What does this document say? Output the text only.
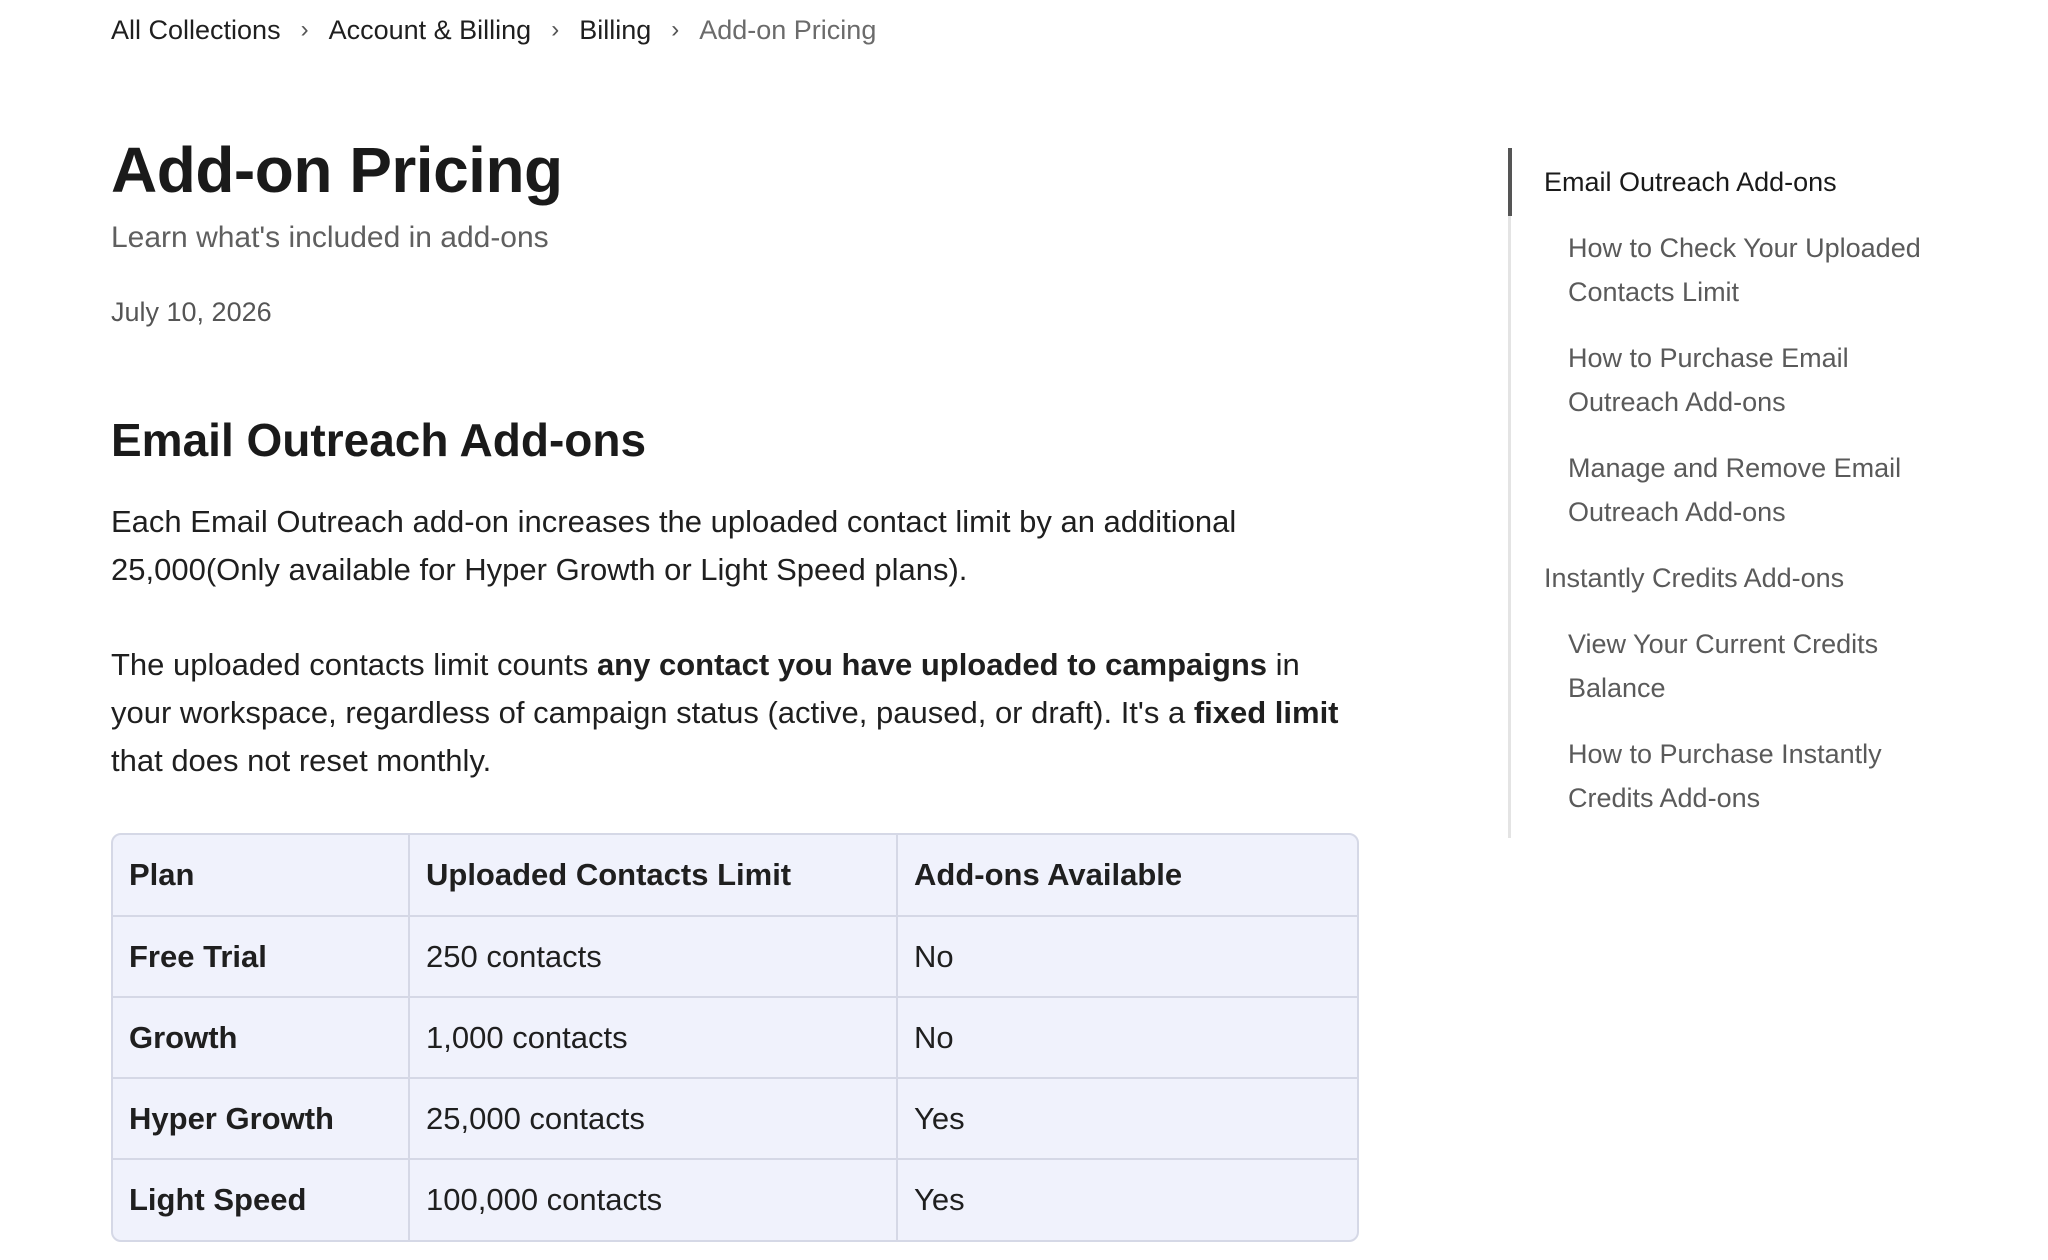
All Collections › Account & Billing › Billing › Add-on Pricing
Add-on Pricing
Learn what's included in add-ons
July 10, 2026
Email Outreach Add-ons

Each Email Outreach add-on increases the uploaded contact limit by an additional 25,000(Only available for Hyper Growth or Light Speed plans).

The uploaded contacts limit counts any contact you have uploaded to campaigns in your workspace, regardless of campaign status (active, paused, or draft). It's a fixed limit that does not reset monthly.

Plan	Uploaded Contacts Limit	Add-ons Available
Free Trial	250 contacts	No
Growth	1,000 contacts	No
Hyper Growth	25,000 contacts	Yes
Light Speed	100,000 contacts	Yes
Email Outreach Add-ons
How to Check Your Uploaded Contacts Limit
How to Purchase Email Outreach Add-ons
Manage and Remove Email Outreach Add-ons
Instantly Credits Add-ons
View Your Current Credits Balance
How to Purchase Instantly Credits Add-ons
